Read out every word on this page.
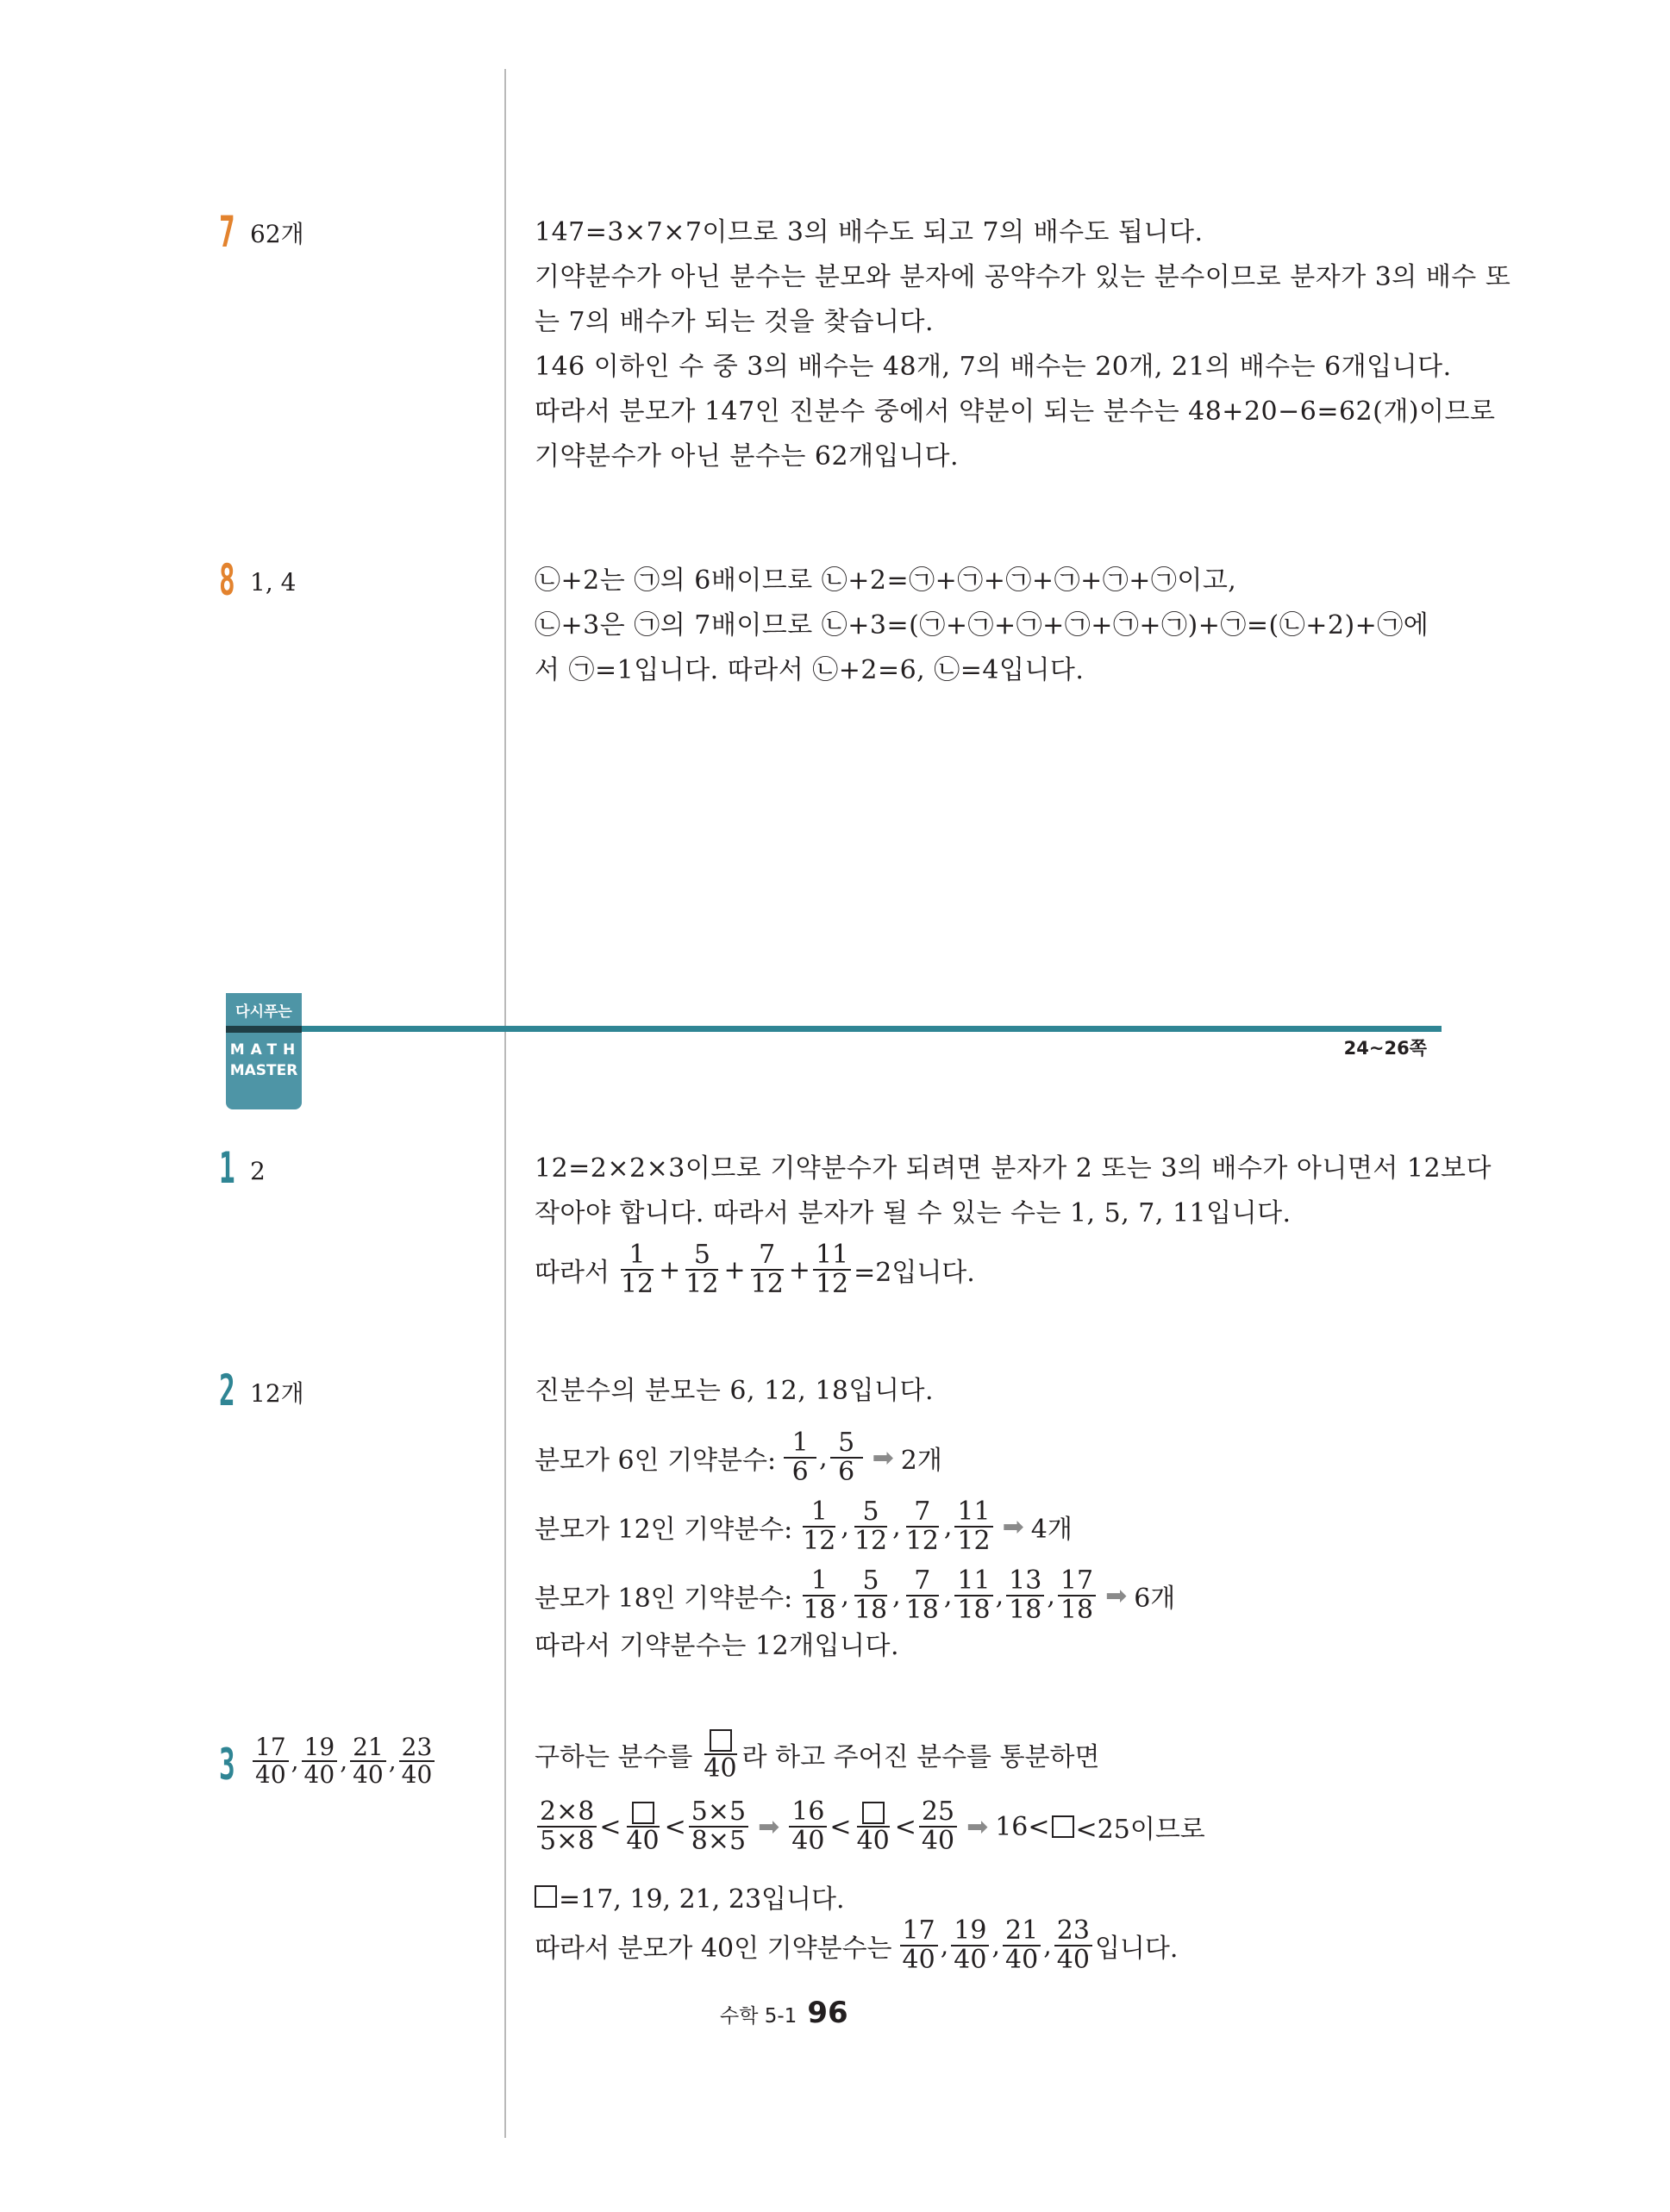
7 62개	147=3×7×7이므로 3의 배수도 되고 7의 배수도 됩니다.
기약분수가 아닌 분수는 분모와 분자에 공약수가 있는 분수이므로 분자가 3의 배수 또
는 7의 배수가 되는 것을 찾습니다.
146 이하인 수 중 3의 배수는 48개, 7의 배수는 20개, 21의 배수는 6개입니다.
따라서 분모가 147인 진분수 중에서 약분이 되는 분수는 48+20−6=62(개)이므로
기약분수가 아닌 분수는 62개입니다.
8 1, 4	㉡+2는 ㉠의 6배이므로 ㉡+2=㉠+㉠+㉠+㉠+㉠+㉠이고,
㉡+3은 ㉠의 7배이므로 ㉡+3=(㉠+㉠+㉠+㉠+㉠+㉠)+㉠=(㉡+2)+㉠에
서 ㉠=1입니다. 따라서 ㉡+2=6, ㉡=4입니다.
다시푸는
MATH
MASTER
24~26쪽
1 2	12=2×2×3이므로 기약분수가 되려면 분자가 2 또는 3의 배수가 아니면서 12보다
작아야 합니다. 따라서 분자가 될 수 있는 수는 1, 5, 7, 11입니다.
따라서 $\frac{1}{12} + \frac{5}{12} + \frac{7}{12} + \frac{11}{12} =2$입니다.
2 12개	진분수의 분모는 6, 12, 18입니다.
분모가 6인 기약분수: $\frac{1}{6}$ , $\frac{5}{6}$ ➡ 2개
분모가 12인 기약분수: $\frac{1}{12}$ , $\frac{5}{12}$ , $\frac{7}{12}$ , $\frac{11}{12}$ ➡ 4개
분모가 18인 기약분수: $\frac{1}{18}$ , $\frac{5}{18}$ , $\frac{7}{18}$ , $\frac{11}{18}$ , $\frac{13}{18}$ , $\frac{17}{18}$ ➡ 6개
따라서 기약분수는 12개입니다.
$3 \frac{17}{40}$ , $\frac{19}{40}$ , $\frac{21}{40}$ , $\frac{23}{40}$	구하는 분수를 40 라 하고 주어진 분수를 통분하면
$\frac{2\times 8}{5\times 8} < 40 < \frac{5\times 5}{8\times 5}$ ➡ $\frac{16}{40} < 40 < \frac{25}{40}$ ➡ 16< <25이므로
=17, 19, 21, 23입니다.
따라서 분모가 40인 기약분수는 $\frac{17}{40}$ , $\frac{19}{40}$ , $\frac{21}{40}$ , $\frac{23}{40}$ 입니다.
수학 5-1 96
